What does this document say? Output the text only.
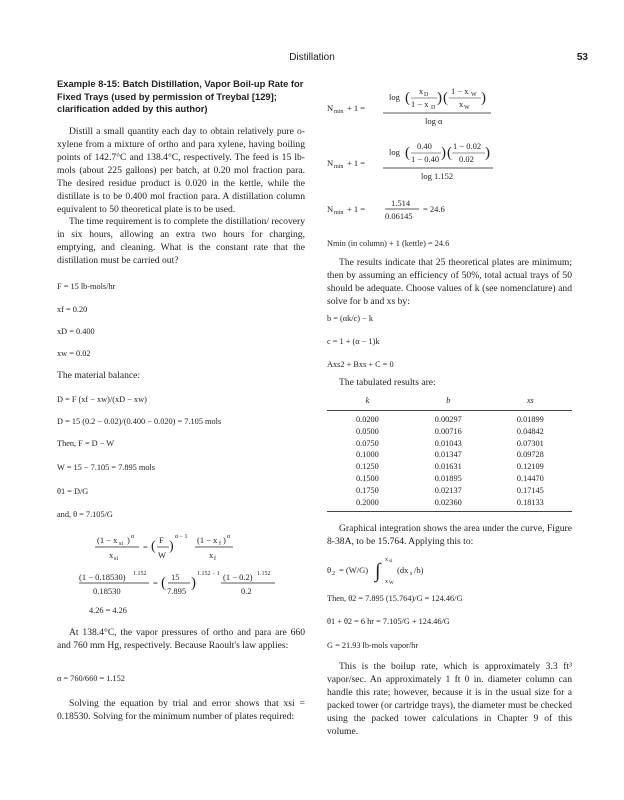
Distillation	53
Example 8-15: Batch Distillation, Vapor Boil-up Rate for Fixed Trays (used by permission of Treybal [129]; clarification added by this author)

Distill a small quantity each day to obtain relatively pure o-xylene from a mixture of ortho and para xylene, having boiling points of 142.7°C and 138.4°C, respectively. The feed is 15 lb-mols (about 225 gallons) per batch, at 0.20 mol fraction para. The desired residue product is 0.020 in the kettle, while the distillate is to be 0.400 mol fraction para. A distillation column equivalent to 50 theoretical plate is to be used.

The time requirement is to complete the distillation/ recovery in six hours, allowing an extra two hours for charging, emptying, and cleaning. What is the constant rate that the distillation must be carried out?

F = 15 lb-mols/hr
xf = 0.20
xD = 0.400
xw = 0.02
The material balance:
D = F (xf − xw)/(xD − xw)
D = 15 (0.2 − 0.02)/(0.400 − 0.020) = 7.105 mols
Then, F = D − W
W = 15 − 7.105 = 7.895 mols
θ1 = D/G
and, θ = 7.105/G
(1 − x si ) α
x si
= ( F
W
)
α − 1 (1 − x f ) α
x f
(1 − 0.18530) 1.152
0.18530
= ( 15
7.895 )
1.152 − 1 (1 − 0.2) 1.152
0.2
4.26 = 4.26

At 138.4°C, the vapor pressures of ortho and para are 660 and 760 mm Hg, respectively. Because Raoult's law applies:

α = 760/660 = 1.152

Solving the equation by trial and error shows that xsi = 0.18530. Solving for the minimum number of plates required:

N min + 1 =
log ( x D
1 − x D
) ( 1 − x W
x W
)
log α
N min + 1 =
log ( 0.40
1 − 0.40 ) ( 1 − 0.02
0.02 )
log 1.152
N min + 1 =
1.514
0.06145
= 24.6
Nmin (in column) + 1 (kettle) = 24.6

The results indicate that 25 theoretical plates are minimum; then by assuming an efficiency of 50%, total actual trays of 50 should be adequate. Choose values of k (see nomenclature) and solve for b and xs by:

b = (αk/c) − k
c = 1 + (α − 1)k
Axs2 + Bxs + C = 0
The tabulated results are:
k	b	xs
0.0200	0.00297	0.01899
0.0500	0.00716	0.04842
0.0750	0.01043	0.07301
0.1000	0.01347	0.09728
0.1250	0.01631	0.12109
0.1500	0.01895	0.14470
0.1750	0.02137	0.17145
0.2000	0.02360	0.18133

Graphical integration shows the area under the curve, Figure 8-38A, to be 15.764. Applying this to:

θ 2 = (W/G) ∫ x si
x W
(dx s /b)
Then, θ2 = 7.895 (15.764)/G = 124.46/G
θ1 + θ2 = 6 hr = 7.105/G + 124.46/G
G = 21.93 lb-mols vapor/hr

This is the boilup rate, which is approximately 3.3 ft³ vapor/sec. An approximately 1 ft 0 in. diameter column can handle this rate; however, because it is in the usual size for a packed tower (or cartridge trays), the diameter must be checked using the packed tower calculations in Chapter 9 of this volume.
